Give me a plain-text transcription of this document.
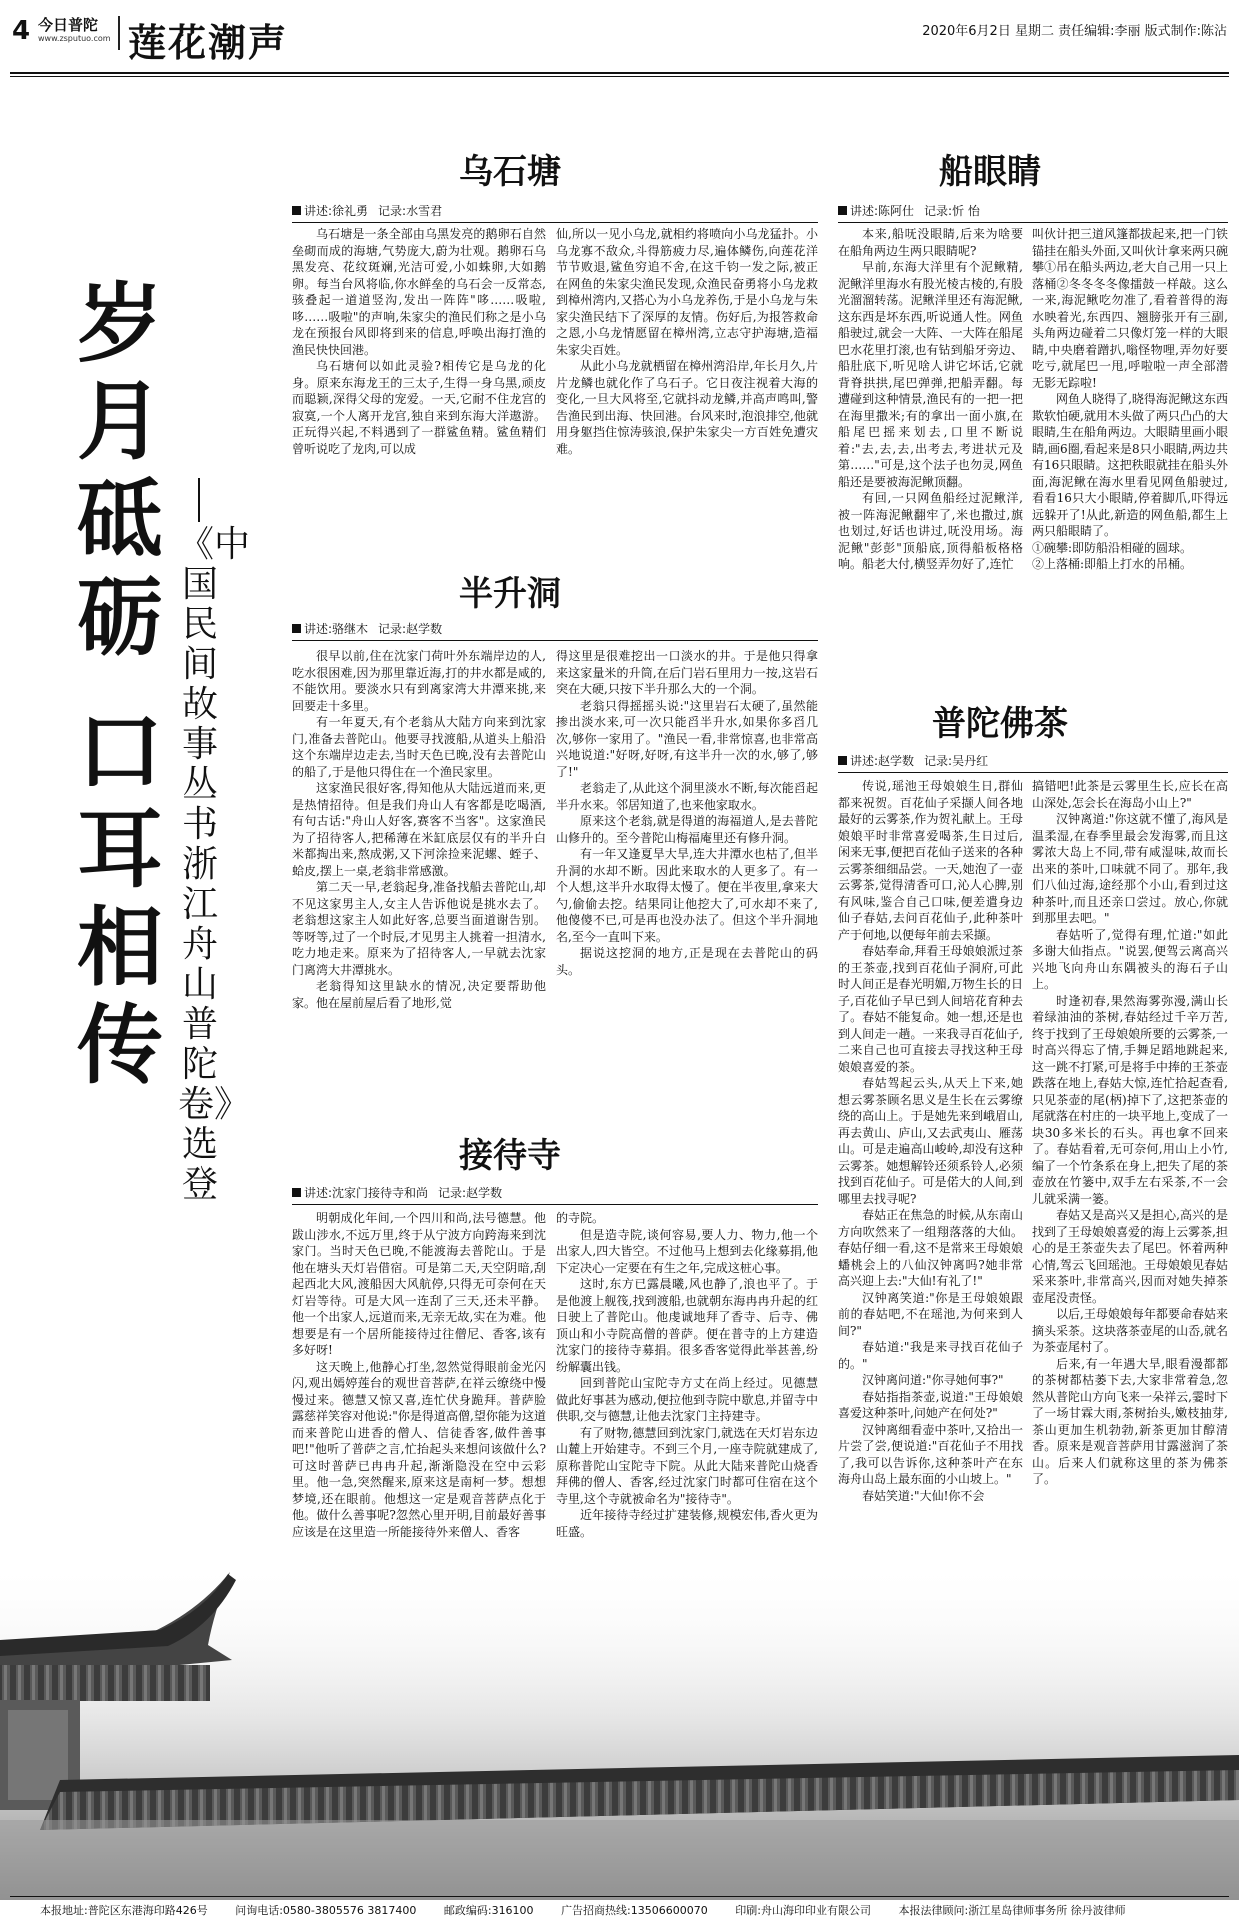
4 今日普陀
www.zsputuo.com 莲花潮声	2020年6月2日 星期二 责任编辑:李丽 版式制作:陈沾
岁月砥砺
口耳相传
《中国民间故事丛书浙江舟山普陀卷》选登
乌石塘
讲述:徐礼勇 记录:水雪君

乌石塘是一条全部由乌黑发亮的鹅卵石自然垒砌而成的海塘,气势庞大,蔚为壮观。鹅卵石乌黑发亮、花纹斑斓,光洁可爱,小如蛛卵,大如鹅卵。每当台风将临,你水鲜垒的乌石会一反常态,骇叠起一道道竖沟,发出一阵阵"哆……吸啦,哆……吸啦"的声响,朱家尖的渔民们称之是小乌龙在预报台风即将到来的信息,呼唤出海打渔的渔民快快回港。

乌石塘何以如此灵验?相传它是乌龙的化身。原来东海龙王的三太子,生得一身乌黑,顽皮而聪颖,深得父母的宠爱。一天,它耐不住龙宫的寂寞,一个人离开龙宫,独自来到东海大洋遨游。正玩得兴起,不料遇到了一群鲨鱼精。鲨鱼精们曾听说吃了龙肉,可以成

仙,所以一见小乌龙,就相约将喷向小乌龙猛扑。小乌龙寡不敌众,斗得筋疲力尽,遍体鳞伤,向莲花洋节节败退,鲨鱼穷追不舍,在这千钧一发之际,被正在网鱼的朱家尖渔民发现,众渔民奋勇将小乌龙救到樟州湾内,又搭心为小乌龙养伤,于是小乌龙与朱家尖渔民结下了深厚的友情。伤好后,为报答救命之恩,小乌龙情愿留在樟州湾,立志守护海塘,造福朱家尖百姓。

从此小乌龙就栖留在樟州湾沿岸,年长月久,片片龙鳞也就化作了乌石子。它日夜注视着大海的变化,一旦大风将至,它就抖动龙鳞,并高声鸣叫,警告渔民到出海、快回港。台风来时,泡浪排空,他就用身躯挡住惊涛骇浪,保护朱家尖一方百姓免遭灾难。

半升洞
讲述:骆继木 记录:赵学数

很早以前,住在沈家门荷叶外东端岸边的人,吃水很困难,因为那里靠近海,打的井水都是咸的,不能饮用。要淡水只有到离家湾大井潭来挑,来回要走十多里。

有一年夏天,有个老翁从大陆方向来到沈家门,准备去普陀山。他要寻找渡船,从道头上船沿这个东端岸边走去,当时天色已晚,没有去普陀山的船了,于是他只得住在一个渔民家里。

这家渔民很好客,得知他从大陆远道而来,更是热情招待。但是我们舟山人有客都是吃喝酒,有句古话:"舟山人好客,赛客不当客"。这家渔民为了招待客人,把稀薄在米缸底层仅有的半升白米都掏出来,熬成粥,又下河涂捡来泥螺、蛭子、蛤皮,摆上一桌,老翁非常感激。

第二天一早,老翁起身,准备找船去普陀山,却不见这家男主人,女主人告诉他说是挑水去了。老翁想这家主人如此好客,总要当面道谢告别。等呀等,过了一个时辰,才见男主人挑着一担清水,吃力地走来。原来为了招待客人,一早就去沈家门离湾大井潭挑水。

老翁得知这里缺水的情况,决定要帮助他家。他在屋前屋后看了地形,觉

得这里是很难挖出一口淡水的井。于是他只得拿来这家量米的升筒,在后门岩石里用力一按,这岩石突在大硬,只按下半升那么大的一个洞。

老翁只得摇摇头说:"这里岩石太硬了,虽然能掺出淡水来,可一次只能舀半升水,如果你多舀几次,够你一家用了。"渔民一看,非常惊喜,也非常高兴地说道:"好呀,好呀,有这半升一次的水,够了,够了!"

老翁走了,从此这个洞里淡水不断,每次能舀起半升水来。邻居知道了,也来他家取水。

原来这个老翁,就是得道的海福道人,是去普陀山修升的。至今普陀山梅福庵里还有修升洞。

有一年又逢夏旱大旱,连大井潭水也枯了,但半升洞的水却不断。因此来取水的人更多了。有一个人想,这半升水取得太慢了。便在半夜里,拿来大勺,偷偷去挖。结果同让他挖大了,可水却不来了,他傻傻不已,可是再也没办法了。但这个半升洞地名,至今一直叫下来。

据说这挖洞的地方,正是现在去普陀山的码头。

接待寺
讲述:沈家门接待寺和尚 记录:赵学数

明朝成化年间,一个四川和尚,法号德慧。他跋山涉水,不远万里,终于从宁波方向跨海来到沈家门。当时天色已晚,不能渡海去普陀山。于是他在塘头天灯岩借宿。可是第二天,天空阴暗,刮起西北大风,渡船因大风航停,只得无可奈何在天灯岩等待。可是大风一连刮了三天,还未平静。他一个出家人,远道而来,无亲无故,实在为难。他想要是有一个居所能接待过往僧尼、香客,该有多好呀!

这天晚上,他静心打坐,忽然觉得眼前金光闪闪,观出嫣婷莲台的观世音菩萨,在祥云缭绕中慢慢过来。德慧又惊又喜,连忙伏身跪拜。普萨脸露慈祥笑容对他说:"你是得道高僧,望你能为这道而来普陀山进香的僧人、信徒香客,做件善事吧!"他听了普萨之言,忙抬起头来想问该做什么?可这时普萨已冉冉升起,渐渐隐没在空中云彩里。他一急,突然醒来,原来这是南柯一梦。想想梦境,还在眼前。他想这一定是观音菩萨点化于他。做什么善事呢?忽然心里开明,目前最好善事应该是在这里造一所能接待外来僧人、香客

的寺院。

但是造寺院,谈何容易,要人力、物力,他一个出家人,四大皆空。不过他马上想到去化缘募捐,他下定决心一定要在有生之年,完成这桩心事。

这时,东方已露晨曦,风也静了,浪也平了。于是他渡上舰筏,找到渡船,也就朝东海冉冉升起的红日驶上了普陀山。他虔诚地拜了香寺、后寺、佛顶山和小寺院高僧的普萨。便在普寺的上方建造沈家门的接待寺募捐。很多香客觉得此举甚善,纷纷解囊出钱。

回到普陀山宝陀寺方丈在尚上经过。见德慧做此好事甚为感动,便拉他到寺院中歇息,并留寺中供职,交与德慧,让他去沈家门主持建寺。

有了财物,德慧回到沈家门,就选在天灯岩东边山麓上开始建寺。不到三个月,一座寺院就建成了,原称普陀山宝陀寺下院。从此大陆来普陀山烧香拜佛的僧人、香客,经过沈家门时都可住宿在这个寺里,这个寺就被命名为"接待寺"。

近年接待寺经过扩建装修,规模宏伟,香火更为旺盛。

船眼睛
讲述:陈阿仕 记录:忻 怡

本来,船呒没眼睛,后来为啥要在船角两边生两只眼睛呢?

早前,东海大洋里有个泥鳅精,泥鳅洋里海水有股光棱古棱的,有股光溜溜转荡。泥鳅洋里还有海泥鳅,这东西是坏东西,听说通人性。网鱼船驶过,就会一大阵、一大阵在船尾巴水花里打滚,也有钻到船牙旁边、船肚底下,听见啥人讲它坏话,它就背脊拱拱,尾巴弹弹,把船弄翻。每遭碰到这种情景,渔民有的一把一把在海里撒米;有的拿出一面小旗,在船尾巴摇来划去,口里不断说着:"去,去,去,出考去,考进状元及第……"可是,这个法子也勿灵,网鱼船还是要被海泥鳅顶翻。

有回,一只网鱼船经过泥鳅洋,被一阵海泥鳅翻牢了,米也撒过,旗也划过,好话也讲过,呒没用场。海泥鳅"彭彭"顶船底,顶得船板格格响。船老大付,横竖弄勿好了,连忙

叫伙计把三道风篷都拔起来,把一门铁锚挂在船头外面,又叫伙计拿来两只碗攀①吊在船头两边,老大自己用一只上落桶②冬冬冬冬像擂鼓一样敲。这么一来,海泥鳅吃勿准了,看着普得的海水映着光,东西四、翘膀张开有三副,头角两边碰着二只像灯笼一样的大眼睛,中央磨着蹭扒,嗡怪物哩,弄勿好要吃亏,就尾巴一甩,呼啦啦一声全部潜无影无踪啦!

网鱼人晓得了,晓得海泥鳅这东西欺软怕硬,就用木头做了两只凸凸的大眼睛,生在船角两边。大眼睛里画小眼睛,画6圈,看起来是8只小眼睛,两边共有16只眼睛。这把秩眼就挂在船头外面,海泥鳅在海水里看见网鱼船驶过,看看16只大小眼睛,停着脚爪,吓得远远躲开了!从此,新造的网鱼船,都生上两只船眼睛了。

①碗攀:即防船沿相碰的圆球。

②上落桶:即船上打水的吊桶。

普陀佛茶
讲述:赵学数 记录:吴丹红

传说,瑶池王母娘娘生日,群仙都来祝贺。百花仙子采撷人间各地最好的云雾茶,作为贺礼献上。王母娘娘平时非常喜爱喝茶,生日过后,闲来无事,便把百花仙子送来的各种云雾茶细细品尝。一天,她泡了一壶云雾茶,觉得清香可口,沁人心脾,别有风味,鉴合自己口味,便差遣身边仙子春姑,去问百花仙子,此种茶叶产于何地,以便每年前去采撷。

春姑奉命,拜看王母娘娘派过茶的王茶壶,找到百花仙子洞府,可此时人间正是春光明媚,万物生长的日子,百花仙子早已到人间培花育种去了。春姑不能复命。她一想,还是也到人间走一趟。一来我寻百花仙子,二来自己也可直接去寻找这种王母娘娘喜爱的茶。

春姑驾起云头,从天上下来,她想云雾茶顾名思义是生长在云雾缭绕的高山上。于是她先来到峨眉山,再去黄山、庐山,又去武夷山、雁荡山。可是走遍高山峻岭,却没有这种云雾茶。她想解铃还须系铃人,必须找到百花仙子。可是偌大的人间,到哪里去找寻呢?

春姑正在焦急的时候,从东南山方向吹然来了一组翔落落的大仙。春姑仔细一看,这不是常来王母娘娘蟠桃会上的八仙汉钟离吗?她非常高兴迎上去:"大仙!有礼了!"

汉钟离笑道:"你是王母娘娘跟前的春姑吧,不在瑶池,为何来到人间?"

春姑道:"我是来寻找百花仙子的。"

汉钟离问道:"你寻她何事?"

春姑指指茶壶,说道:"王母娘娘喜爱这种茶叶,问她产在何处?"

汉钟离细看壶中茶叶,又拾出一片尝了尝,便说道:"百花仙子不用找了,我可以告诉你,这种茶叶产在东海舟山岛上最东面的小山坡上。"

春姑笑道:"大仙!你不会

搞错吧!此茶是云雾里生长,应长在高山深处,怎会长在海岛小山上?"

汉钟离道:"你这就不懂了,海风是温柔湿,在春季里最会发海雾,而且这雾浓大岛上不同,带有咸湿味,故而长出来的茶叶,口味就不同了。那年,我们八仙过海,途经那个小山,看到过这种茶叶,而且还亲口尝过。放心,你就到那里去吧。"

春姑听了,觉得有理,忙道:"如此多谢大仙指点。"说罢,便驾云离高兴兴地飞向舟山东隅被头的海石子山上。

时逢初春,果然海雾弥漫,满山长着绿油油的茶树,春姑经过千辛万苦,终于找到了王母娘娘所要的云雾茶,一时高兴得忘了情,手舞足蹈地跳起来,这一跳不打紧,可是将手中捧的王茶壶跌落在地上,春姑大惊,连忙拾起查看,只见茶壶的尾(柄)掉下了,这把茶壶的尾就落在村庄的一块平地上,变成了一块30多米长的石头。再也拿不回来了。春姑看着,无可奈何,用山上小竹,编了一个竹条系在身上,把失了尾的茶壶放在竹篓中,双手左右采茶,不一会儿就采满一篓。

春姑又是高兴又是担心,高兴的是找到了王母娘娘喜爱的海上云雾茶,担心的是王茶壶失去了尾巴。怀着两种心情,驾云飞回瑶池。王母娘娘见春姑采来茶叶,非常高兴,因而对她失掉茶壶尾没责怪。

以后,王母娘娘每年都要命春姑来摘头采茶。这块落茶壶尾的山岙,就名为茶壶尾村了。

后来,有一年遇大旱,眼看漫都都的茶树都枯萎下去,大家非常着急,忽然从普陀山方向飞来一朵祥云,霎时下了一场甘霖大雨,茶树抬头,嫩枝抽芽,茶山更加生机勃勃,新茶更加甘醇清香。原来是观音菩萨用甘露滋润了茶山。后来人们就称这里的茶为佛茶了。

本报地址:普陀区东港海印路426号	问询电话:0580-3805576 3817400	邮政编码:316100	广告招商热线:13506600070	印刷:舟山海印印业有限公司	本报法律顾问:浙江星岛律师事务所 徐丹波律师
